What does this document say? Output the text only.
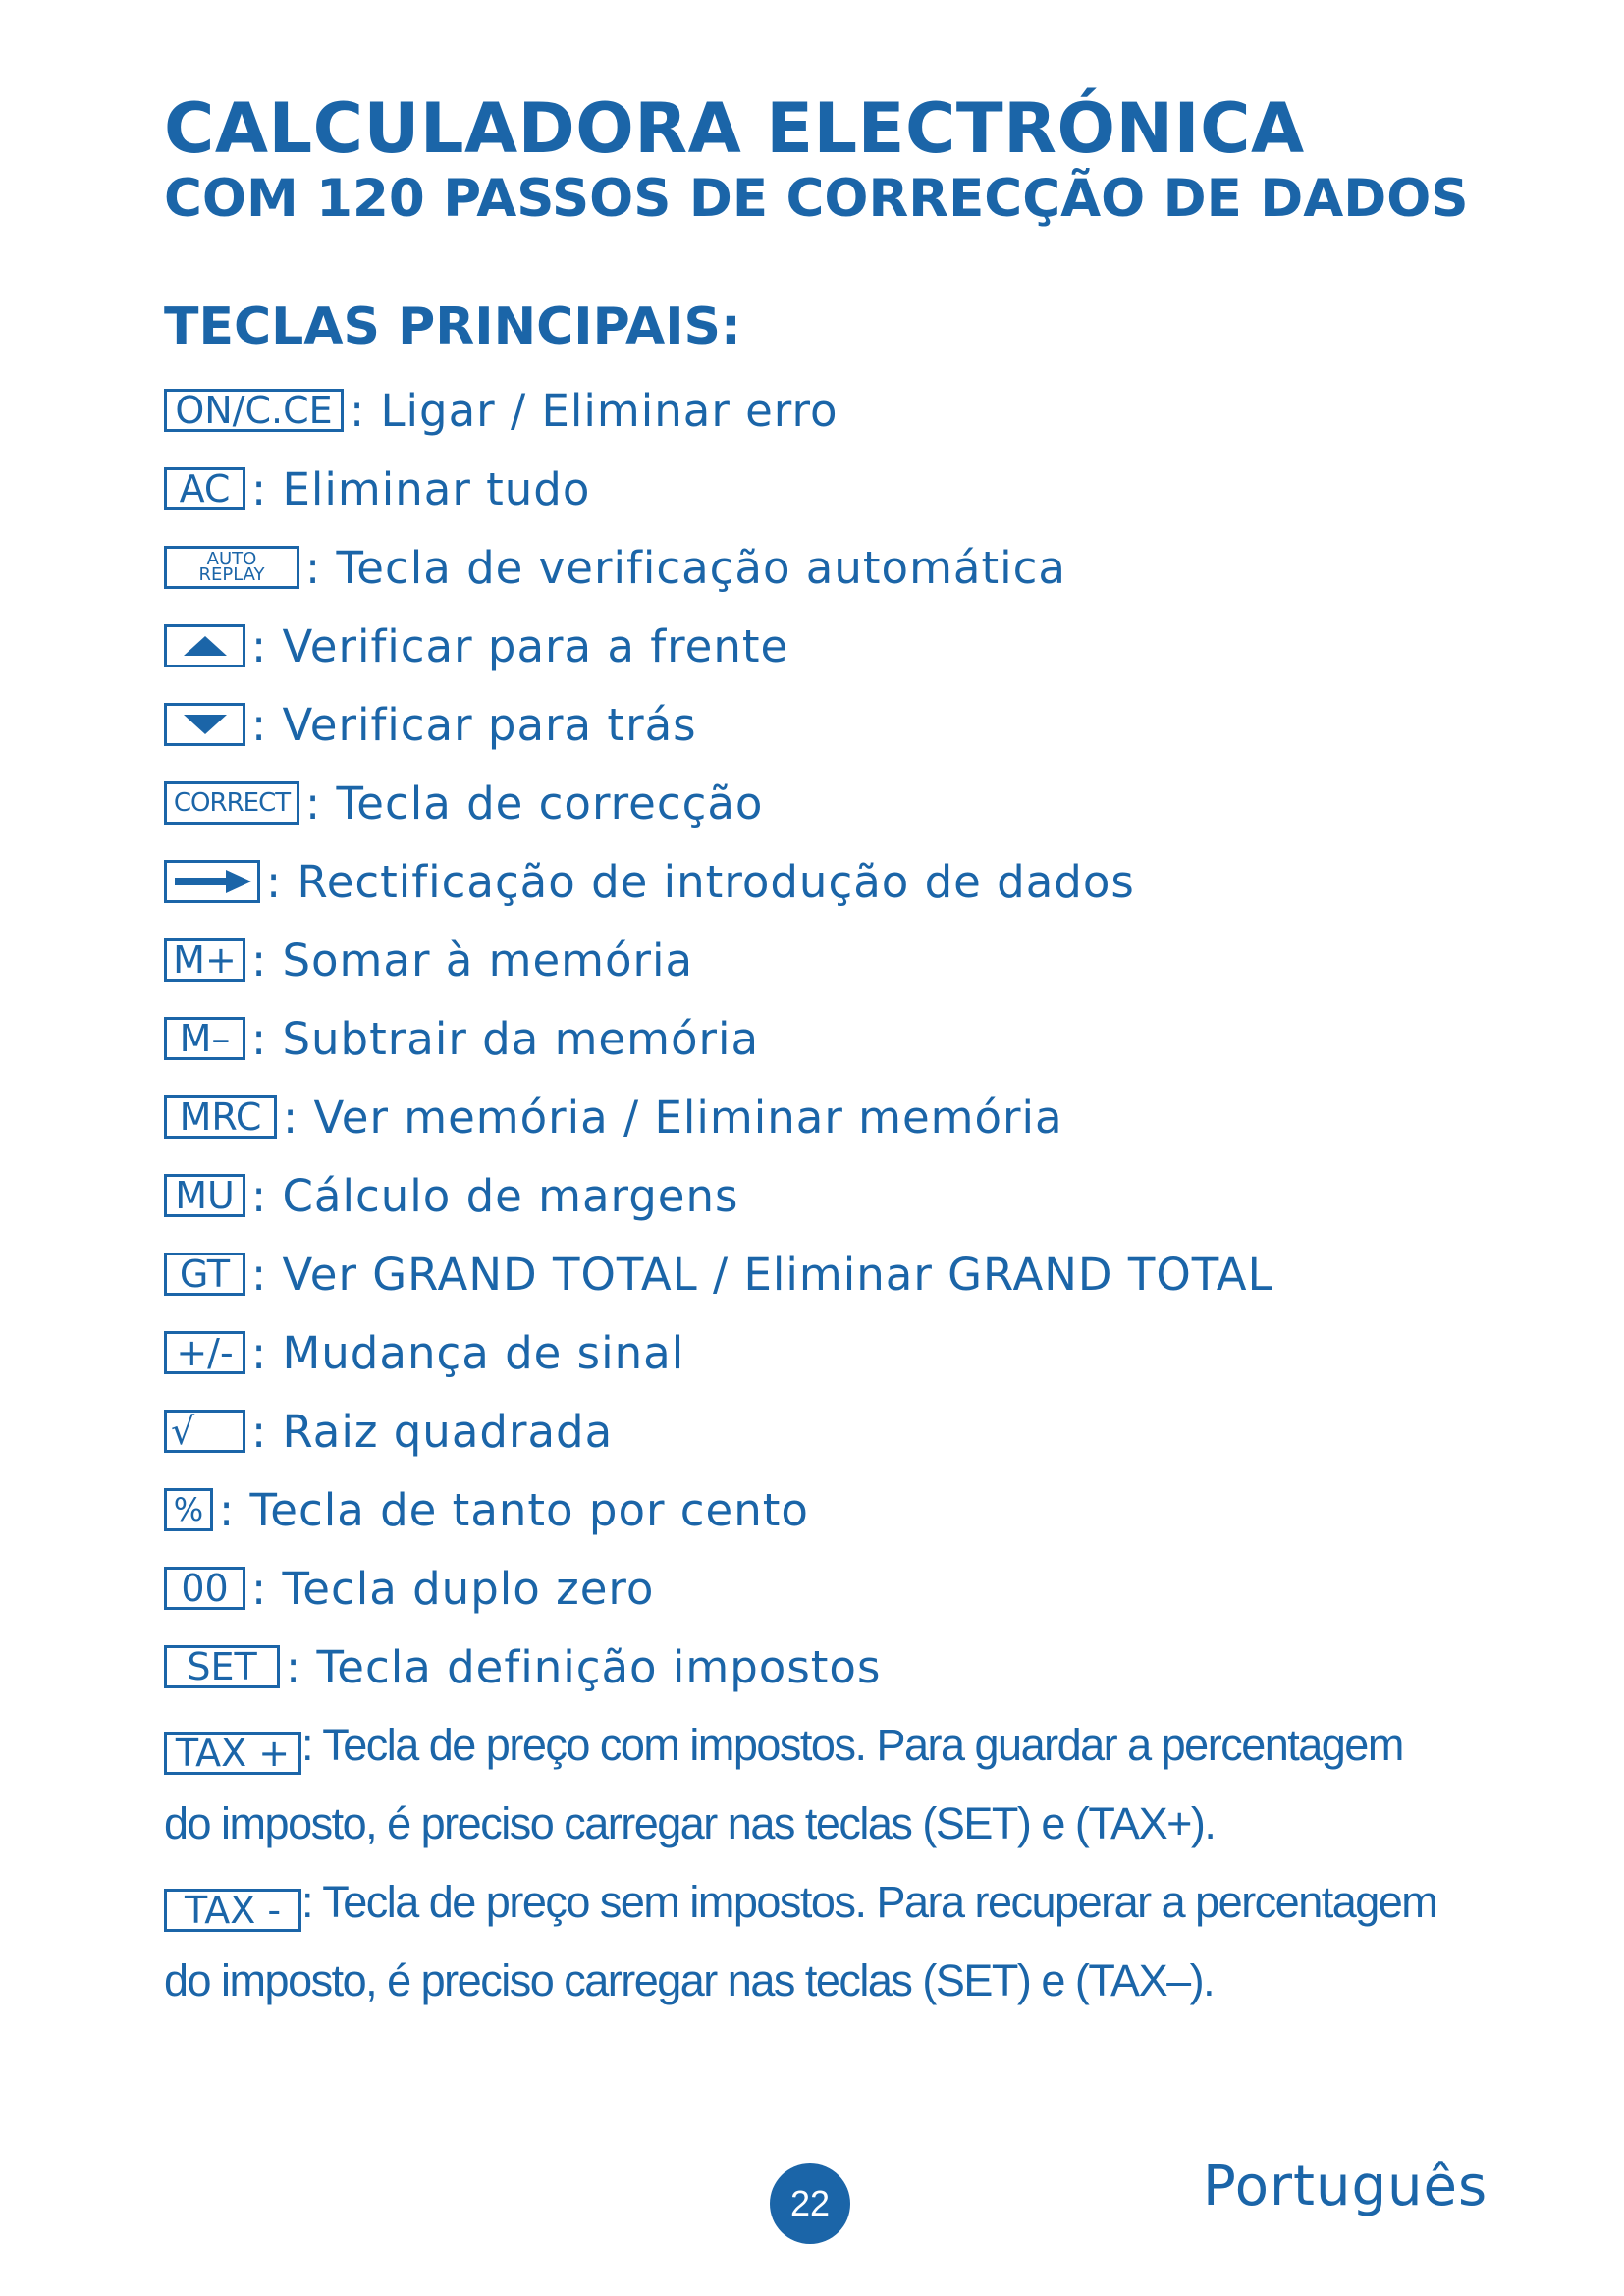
CALCULADORA ELECTRÓNICA
COM 120 PASSOS DE CORRECÇÃO DE DADOS
TECLAS PRINCIPAIS:
ON/C.CE : Ligar / Eliminar erro
AC : Eliminar tudo
AUTO
REPLAY : Tecla de verificação automática
: Verificar para a frente
: Verificar para trás
CORRECT : Tecla de correcção
: Rectificação de introdução de dados
M+ : Somar à memória
M– : Subtrair da memória
MRC : Ver memória / Eliminar memória
MU : Cálculo de margens
GT : Ver GRAND TOTAL / Eliminar GRAND TOTAL
+/- : Mudança de sinal
√	: Raiz quadrada
% : Tecla de tanto por cento
00 : Tecla duplo zero
SET : Tecla definição impostos
TAX + : Tecla de preço com impostos. Para guardar a percentagem
do imposto, é preciso carregar nas teclas (SET) e (TAX+).
TAX - : Tecla de preço sem impostos. Para recuperar a percentagem
do imposto, é preciso carregar nas teclas (SET) e (TAX–).
22	Português
